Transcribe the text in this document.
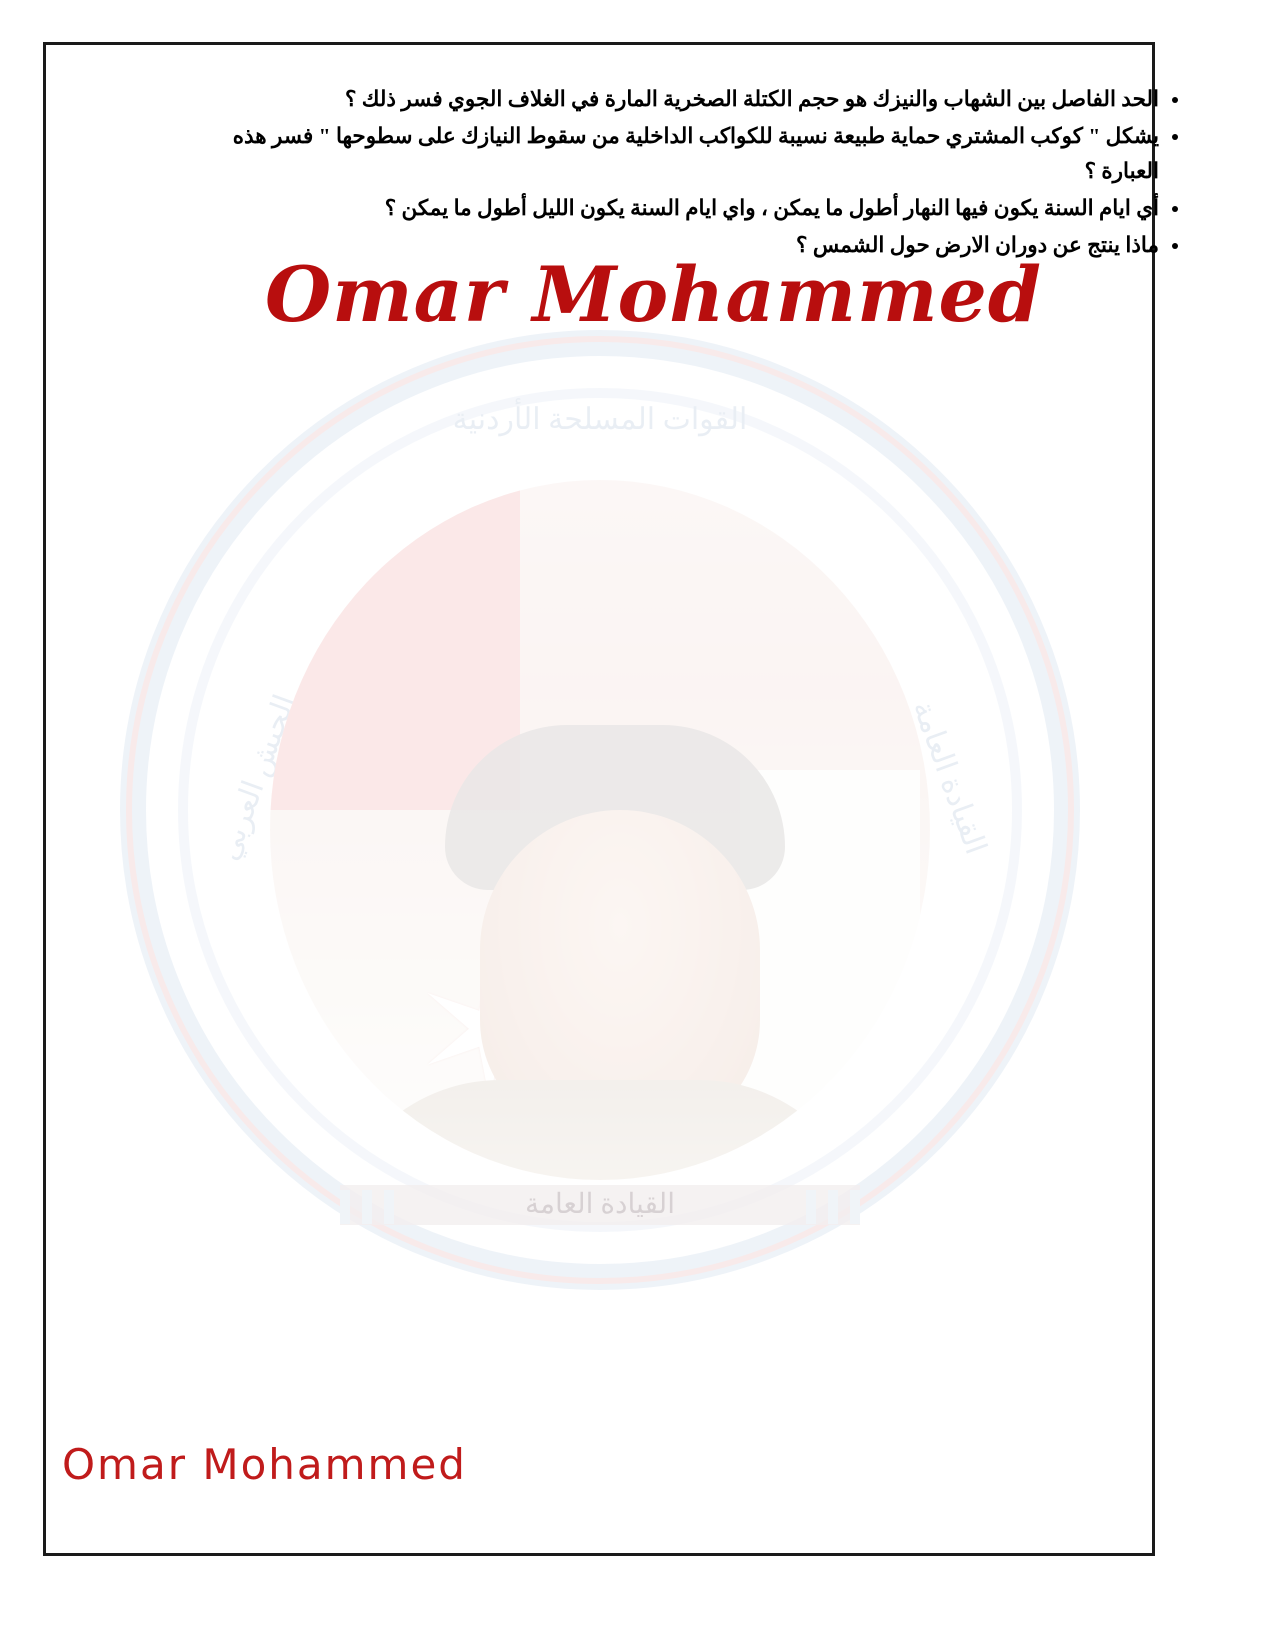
القوات المسلحة الأردنية
الجيش العربي	القيادة العامة
✶
القيادة العامة
• الحد الفاصل بين الشهاب والنيزك هو حجم الكتلة الصخرية المارة في الغلاف الجوي فسر ذلك ؟
• يشكل " كوكب المشتري حماية طبيعة نسيبة للكواكب الداخلية من سقوط النيازك على سطوحها " فسر هذه العبارة ؟
• أي ايام السنة يكون فيها النهار أطول ما يمكن ، واي ايام السنة يكون الليل أطول ما يمكن ؟
• ماذا ينتج عن دوران الارض حول الشمس ؟
Omar Mohammed
Omar Mohammed
